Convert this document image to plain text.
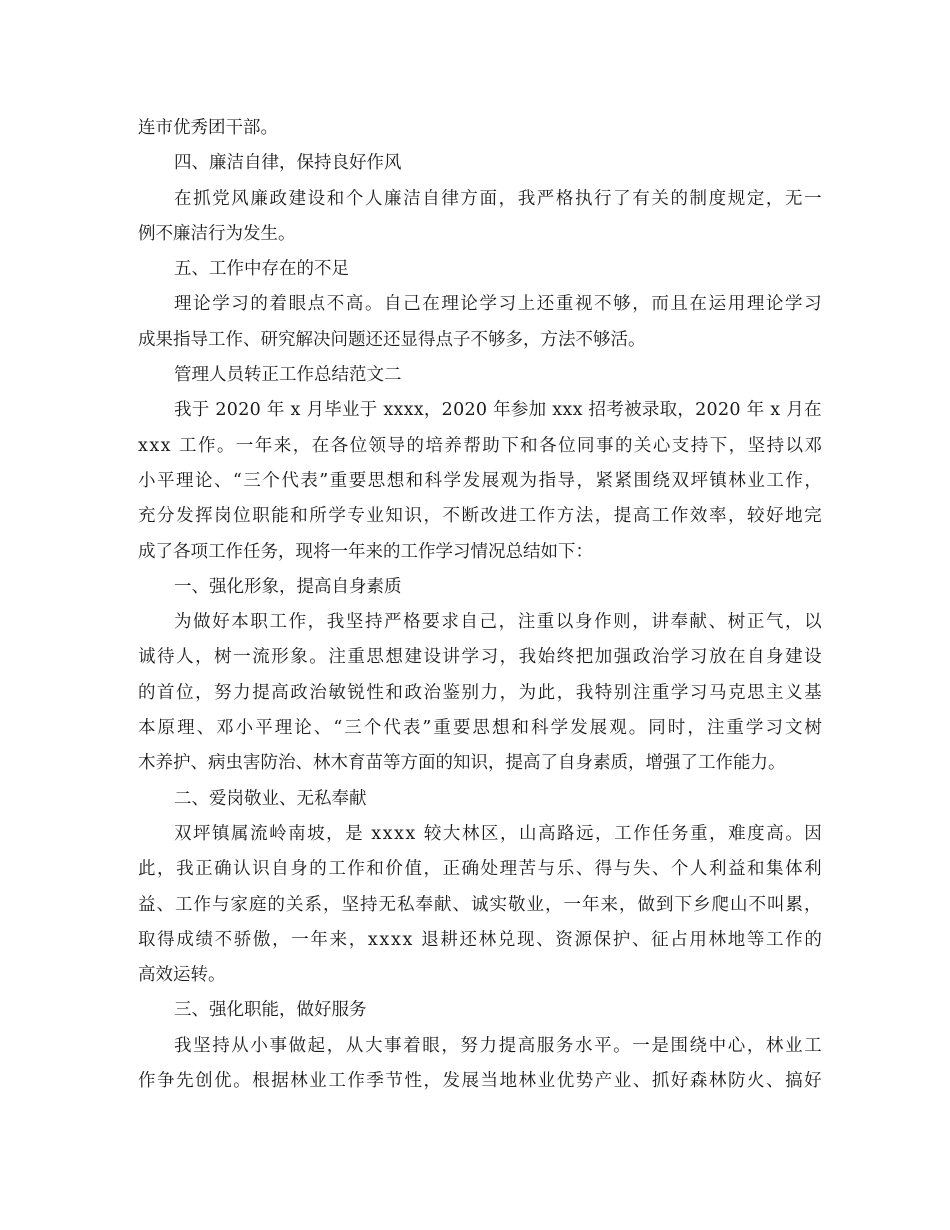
连市优秀团干部。
四、廉洁自律，保持良好作风
在 抓 党 风 廉 政 建 设 和 个 人 廉 洁 自 律 方 面 ， 我 严 格 执 行 了 有 关 的 制 度 规 定 ， 无 一
例不廉洁行为发生。
五、工作中存在的不足
理 论 学 习 的 着 眼 点 不 高 。 自 己 在 理 论 学 习 上 还 重 视 不 够 ， 而 且 在 运 用 理 论 学 习
成果指导工作、研究解决问题还还显得点子不够多，方法不够活。
管理人员转正工作总结范文二
我 于
2 0 2 0
年
x
月 毕 业 于
x x x x ， 2 0 2 0
年 参 加
x x x
招 考 被 录 取 ， 2 0 2 0
年
x
月 在
x x x
工 作 。 一 年 来 ， 在 各 位 领 导 的 培 养 帮 助 下 和 各 位 同 事 的 关 心 支 持 下 ， 坚 持 以 邓
小 平 理 论 、 “ 三 个 代 表 ” 重 要 思 想 和 科 学 发 展 观 为 指 导 ， 紧 紧 围 绕 双 坪 镇 林 业 工 作 ，
充 分 发 挥 岗 位 职 能 和 所 学 专 业 知 识 ， 不 断 改 进 工 作 方 法 ， 提 高 工 作 效 率 ， 较 好 地 完
成了各项工作任务，现将一年来的工作学习情况总结如下：
一、强化形象，提高自身素质
为 做 好 本 职 工 作 ， 我 坚 持 严 格 要 求 自 己 ， 注 重 以 身 作 则 ， 讲 奉 献 、 树 正 气 ， 以
诚 待 人 ， 树 一 流 形 象 。 注 重 思 想 建 设 讲 学 习 ， 我 始 终 把 加 强 政 治 学 习 放 在 自 身 建 设
的 首 位 ， 努 力 提 高 政 治 敏 锐 性 和 政 治 鉴 别 力 ， 为 此 ， 我 特 别 注 重 学 习 马 克 思 主 义 基
本 原 理 、 邓 小 平 理 论 、 “ 三 个 代 表 ” 重 要 思 想 和 科 学 发 展 观 。 同 时 ， 注 重 学 习 文 树
木养护、病虫害防治、林木育苗等方面的知识，提高了自身素质，增强了工作能力。
二、爱岗敬业、无私奉献
双 坪 镇 属 流 岭 南 坡 ， 是
x x x x
较 大 林 区 ， 山 高 路 远 ， 工 作 任 务 重 ， 难 度 高 。 因
此 ， 我 正 确 认 识 自 身 的 工 作 和 价 值 ， 正 确 处 理 苦 与 乐 、 得 与 失 、 个 人 利 益 和 集 体 利
益 、 工 作 与 家 庭 的 关 系 ， 坚 持 无 私 奉 献 、 诚 实 敬 业 ， 一 年 来 ， 做 到 下 乡 爬 山 不 叫 累 ，
取 得 成 绩 不 骄 傲 ， 一 年 来 ， x x x x
退 耕 还 林 兑 现 、 资 源 保 护 、 征 占 用 林 地 等 工 作 的
高效运转。
三、强化职能，做好服务
我 坚 持 从 小 事 做 起 ， 从 大 事 着 眼 ， 努 力 提 高 服 务 水 平 。 一 是 围 绕 中 心 ， 林 业 工
作 争 先 创 优 。 根 据 林 业 工 作 季 节 性 ， 发 展 当 地 林 业 优 势 产 业 、 抓 好 森 林 防 火 、 搞 好
